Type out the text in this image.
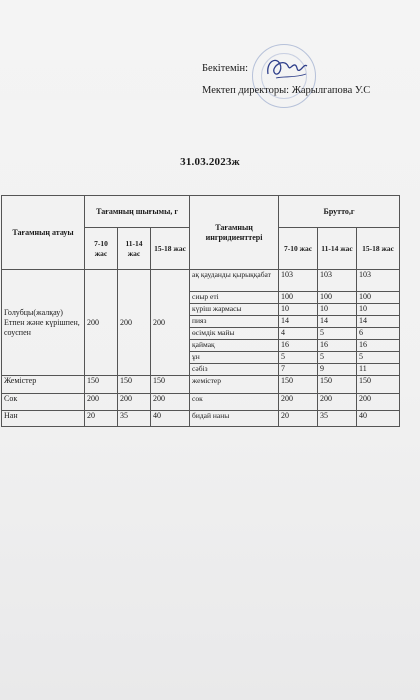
Бекітемін:
Мектеп директоры: Жарылгапова У.С
31.03.2023ж
Тағамның атауы	Тағамның шығымы, г			Тағамның ингридиенттері	Брутто,г		
	7-10 жас	11-14 жас	15-18 жас		7-10 жас	11-14 жас	15-18 жас
Голубцы(жалқау) Етпен және күрішпен, соуспен	200	200	200	ақ қауданды қырыққабат	103	103	103
				сиыр еті	100	100	100
				күріш жармасы	10	10	10
				пияз	14	14	14
				өсімдік майы	4	5	6
				қаймақ	16	16	16
				ұн	5	5	5
				сәбіз	7	9	11
Жемістер	150	150	150	жемістер	150	150	150
Сок	200	200	200	сок	200	200	200
Нан	20	35	40	бидай наны	20	35	40
